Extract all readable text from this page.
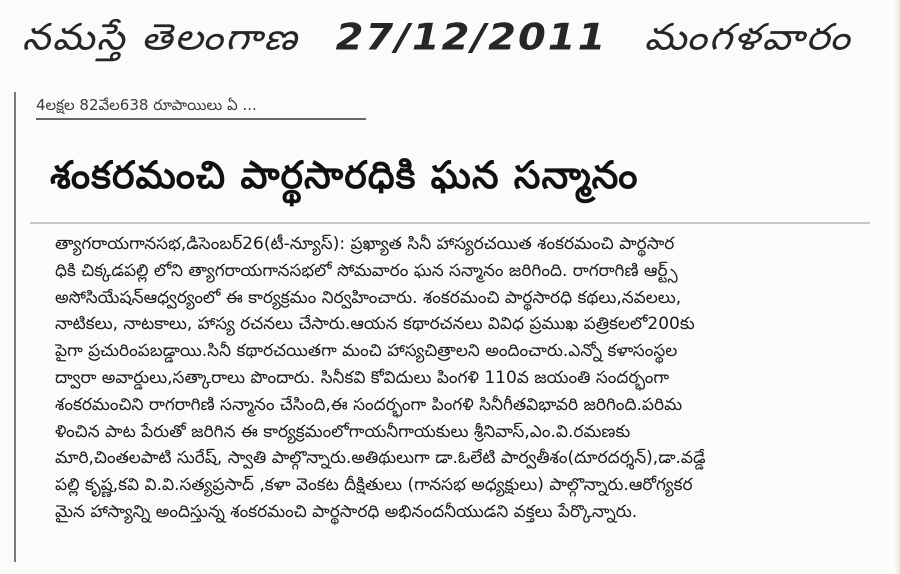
నమస్తే తెలంగాణ 27/12/2011 మంగళవారం
4లక్షల 82వేల638 రూపాయిలు ఏ ...
శంకరమంచి పార్థసారధికి ఘన సన్మానం
త్యాగరాయగానసభ,డిసెంబర్26(టీ-న్యూస్): ప్రఖ్యాత సినీ హాస్యరచయిత శంకరమంచి పార్థసార
ధికి చిక్కడపల్లి లోని త్యాగరాయగానసభలో సోమవారం ఘన సన్మానం జరిగింది. రాగరాగిణి ఆర్ట్స్
అసోసియేషన్ఆధ్వర్యంలో ఈ కార్యక్రమం నిర్వహించారు. శంకరమంచి పార్థసారధి కథలు,నవలలు,
నాటికలు, నాటకాలు, హాస్య రచనలు చేసారు.ఆయన కథారచనలు వివిధ ప్రముఖ పత్రికలలో200కు
పైగా ప్రచురింపబడ్డాయి.సినీ కథారచయితగా మంచి హాస్యచిత్రాలని అందించారు.ఎన్నో కళాసంస్థల
ద్వారా అవార్డులు,సత్కారాలు పొందారు. సినీకవి కోవిదులు పింగళి 110వ జయంతి సందర్భంగా
శంకరమంచిని రాగరాగిణి సన్మానం చేసింది,ఈ సందర్భంగా పింగళి సినీగీతవిభావరి జరిగింది.పరిమ
ళించిన పాట పేరుతో జరిగిన ఈ కార్యక్రమంలోగాయనీగాయకులు శ్రీనివాస్,ఎం.వి.రమణకు
మారి,చింతలపాటి సురేష్, స్వాతి పాల్గొన్నారు.అతిథులుగా డా.ఓలేటి పార్వతీశం(దూరదర్శన్),డా.వడ్డే
పల్లి కృష్ణ,కవి వి.వి.సత్యప్రసాద్ ,కళా వెంకట దీక్షితులు (గానసభ అధ్యక్షులు) పాల్గొన్నారు.ఆరోగ్యకర
మైన హాస్యాన్ని అందిస్తున్న శంకరమంచి పార్థసారధి అభినందనీయుడని వక్తలు పేర్కొన్నారు.
